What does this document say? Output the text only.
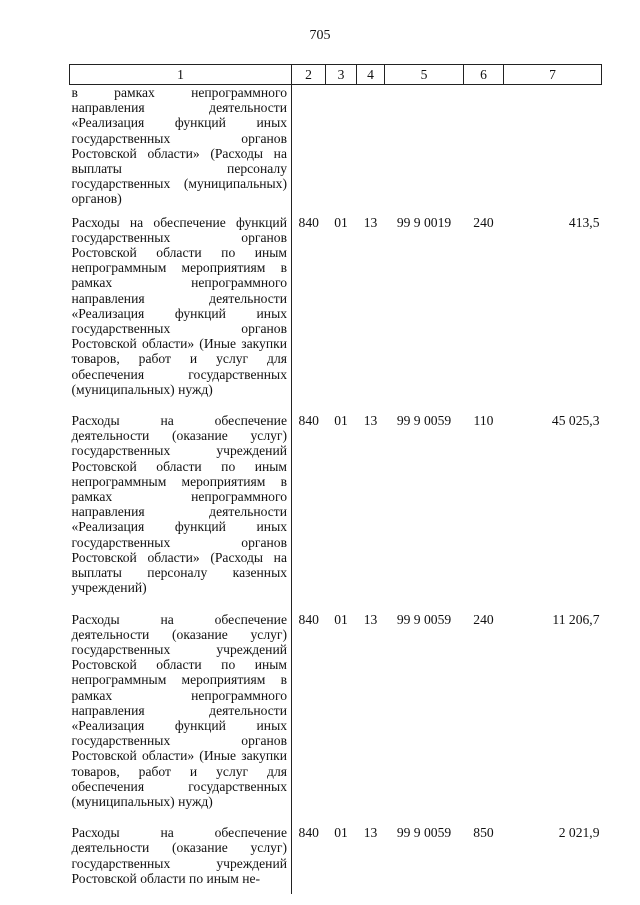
705
1	2	3	4	5	6	7
в рамках непрограммного направления деятельности «Реализация функций иных государственных органов Ростовской области» (Расходы на выплаты персоналу государственных (муниципальных) органов)						
Расходы на обеспечение функций государственных органов Ростовской области по иным непрограммным мероприятиям в рамках непрограммного направления деятельности «Реализация функций иных государственных органов Ростовской области» (Иные закупки товаров, работ и услуг для обеспечения государственных (муниципальных) нужд)	840	01	13	99 9 0019	240	413,5
Расходы на обеспечение деятельности (оказание услуг) государственных учреждений Ростовской области по иным непрограммным мероприятиям в рамках непрограммного направления деятельности «Реализация функций иных государственных органов Ростовской области» (Расходы на выплаты персоналу казенных учреждений)	840	01	13	99 9 0059	110	45 025,3
Расходы на обеспечение деятельности (оказание услуг) государственных учреждений Ростовской области по иным непрограммным мероприятиям в рамках непрограммного направления деятельности «Реализация функций иных государственных органов Ростовской области» (Иные закупки товаров, работ и услуг для обеспечения государственных (муниципальных) нужд)	840	01	13	99 9 0059	240	11 206,7
Расходы на обеспечение деятельности (оказание услуг) государственных учреждений Ростовской области по иным не-	840	01	13	99 9 0059	850	2 021,9
